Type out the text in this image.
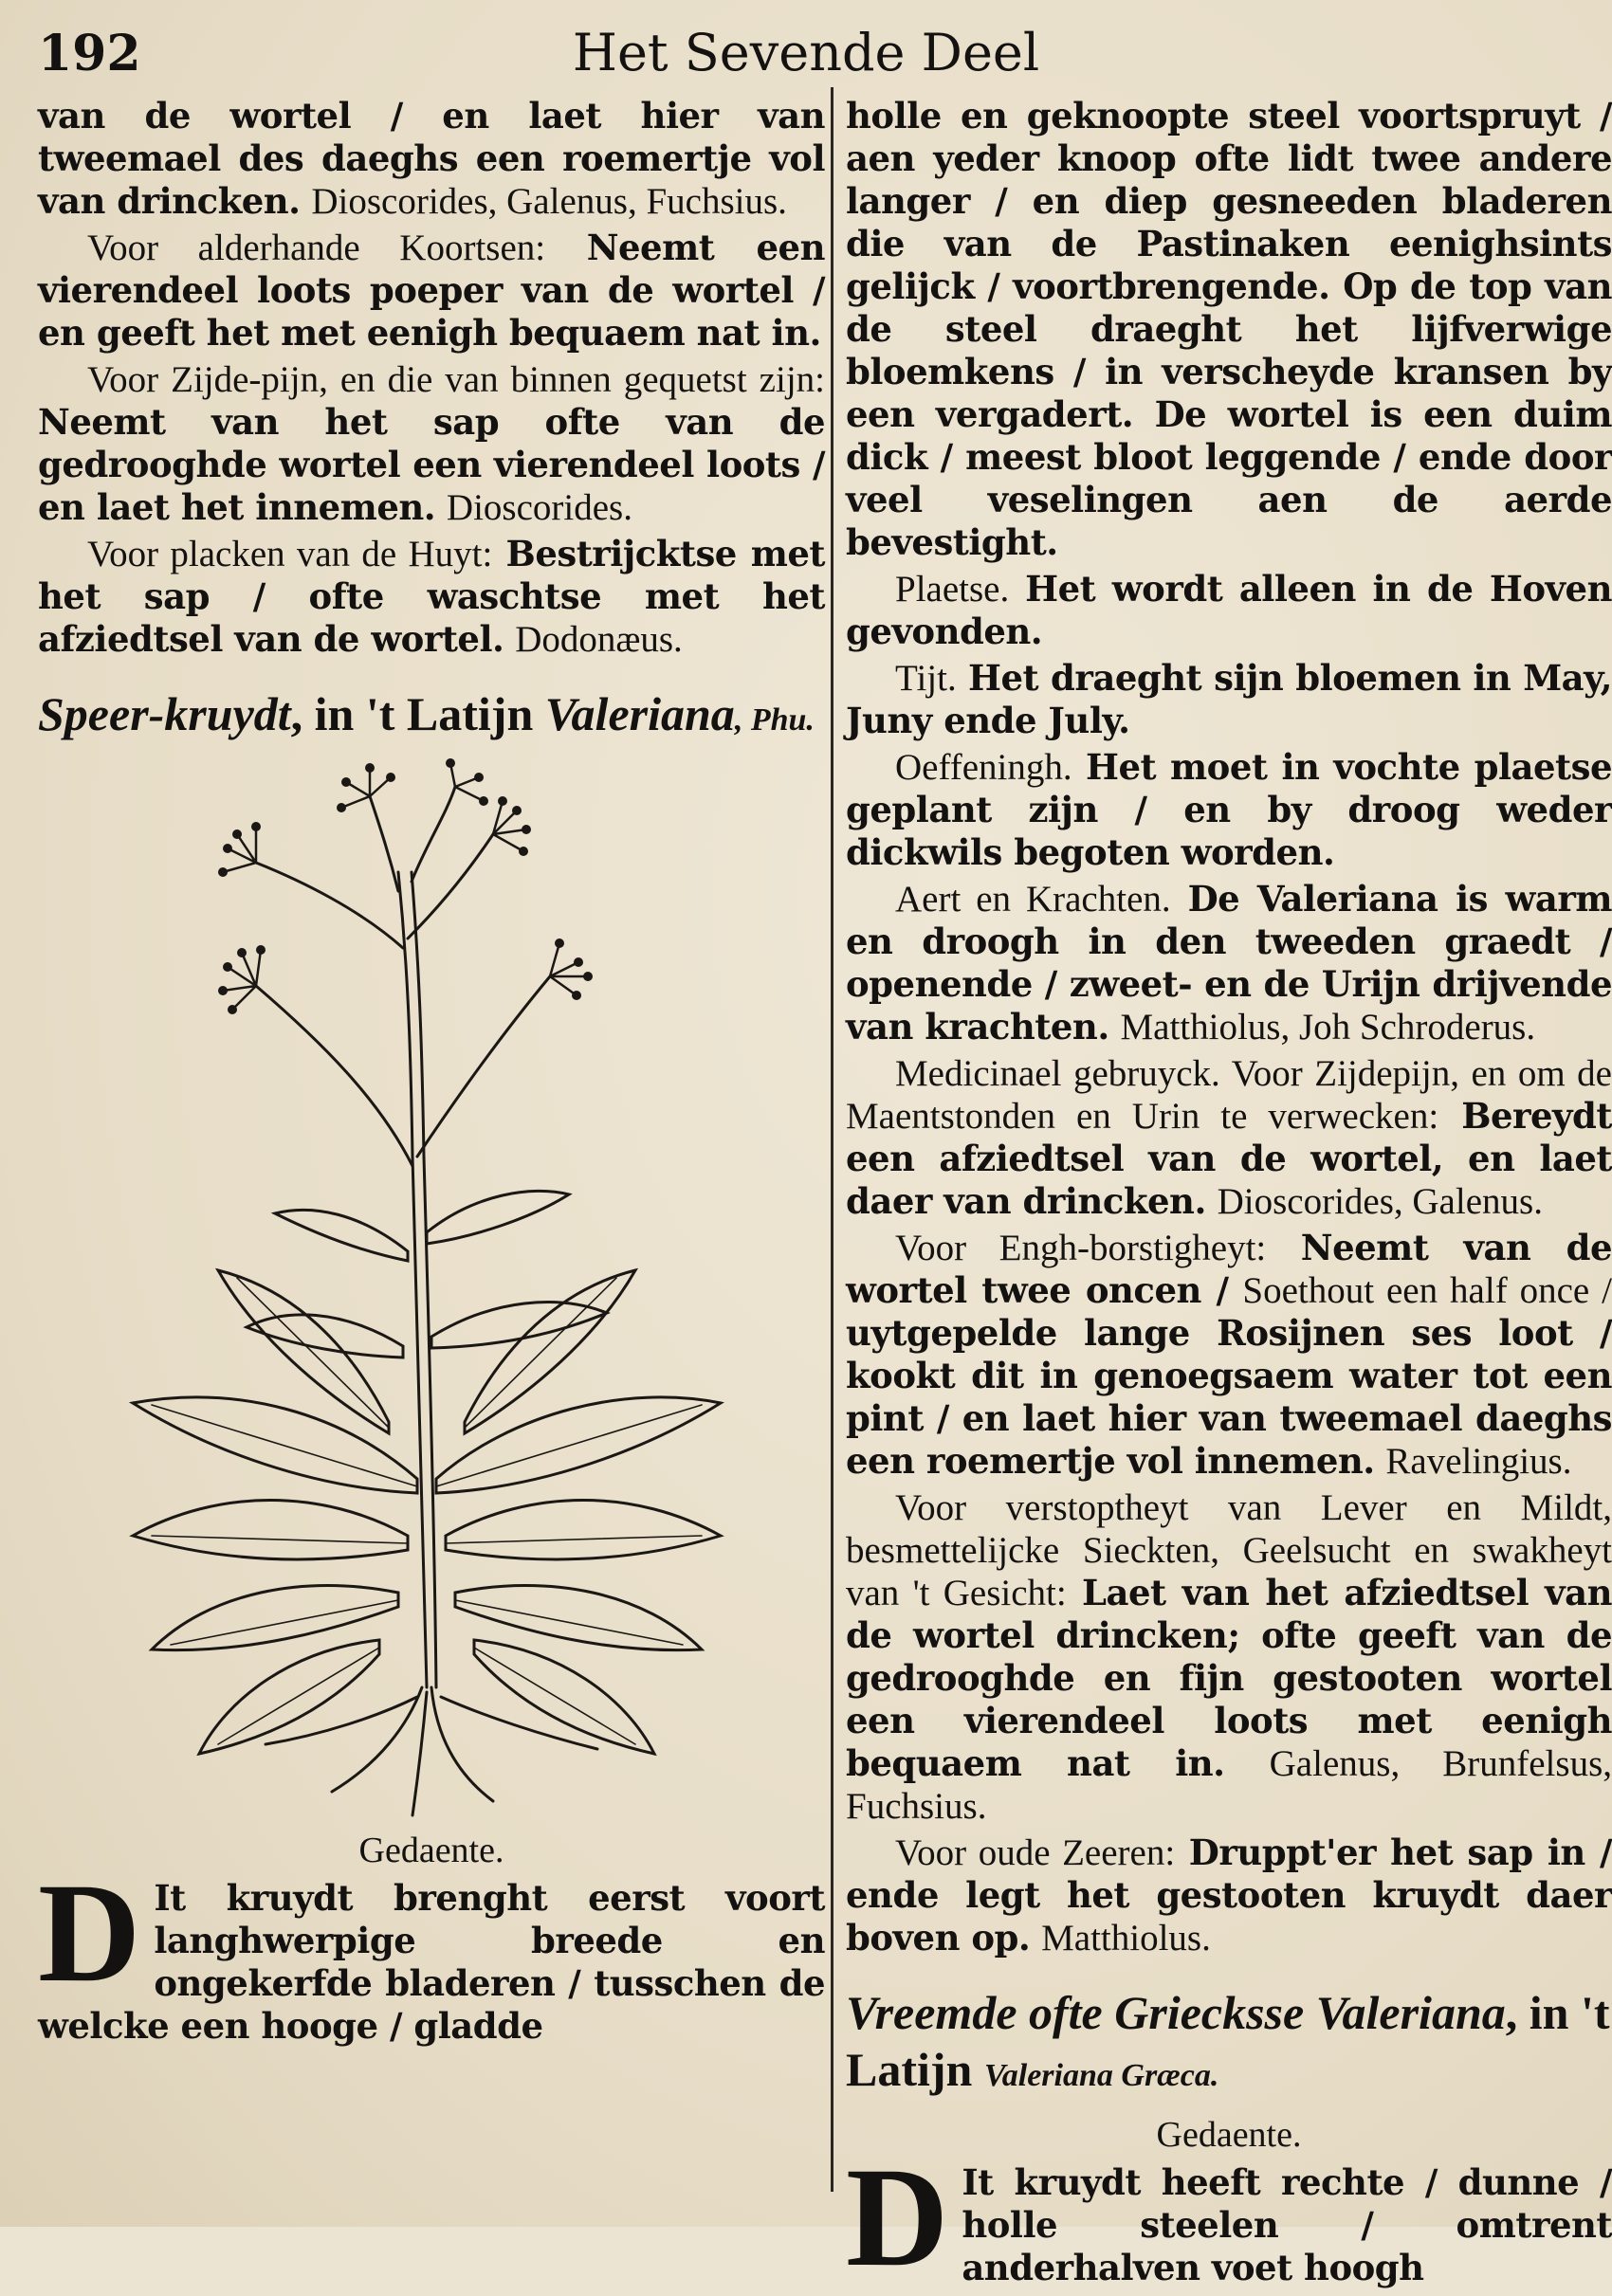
192	Het Sevende Deel

van de wortel / en laet hier van tweemael des daeghs een roemertje vol van drincken. Dioscorides, Galenus, Fuchsius.

Voor alderhande Koortsen: Neemt een vierendeel loots poeper van de wortel / en geeft het met eenigh bequaem nat in.

Voor Zijde-pijn, en die van binnen gequetst zijn: Neemt van het sap ofte van de gedrooghde wortel een vierendeel loots / en laet het innemen. Dioscorides.

Voor placken van de Huyt: Bestrijcktse met het sap / ofte waschtse met het afziedtsel van de wortel. Dodonæus.

Speer-kruydt, in 't Latijn Valeriana, Phu.
Gedaente.

D It kruydt brenght eerst voort langhwerpige breede en ongekerfde bladeren / tusschen de welcke een hooge / gladde

holle en geknoopte steel voortspruyt / aen yeder knoop ofte lidt twee andere langer / en diep gesneeden bladeren die van de Pastinaken eenighsints gelijck / voortbrengende. Op de top van de steel draeght het lijfverwige bloemkens / in verscheyde kransen by een vergadert. De wortel is een duim dick / meest bloot leggende / ende door veel veselingen aen de aerde bevestight.

Plaetse. Het wordt alleen in de Hoven gevonden.

Tijt. Het draeght sijn bloemen in May, Juny ende July.

Oeffeningh. Het moet in vochte plaetse geplant zijn / en by droog weder dickwils begoten worden.

Aert en Krachten. De Valeriana is warm en droogh in den tweeden graedt / openende / zweet- en de Urijn drijvende van krachten. Matthiolus, Joh Schroderus.

Medicinael gebruyck. Voor Zijdepijn, en om de Maentstonden en Urin te verwecken: Bereydt een afziedtsel van de wortel, en laet daer van drincken. Dioscorides, Galenus.

Voor Engh-borstigheyt: Neemt van de wortel twee oncen / Soethout een half once / uytgepelde lange Rosijnen ses loot / kookt dit in genoegsaem water tot een pint / en laet hier van tweemael daeghs een roemertje vol innemen. Ravelingius.

Voor verstoptheyt van Lever en Mildt, besmettelijcke Sieckten, Geelsucht en swakheyt van 't Gesicht: Laet van het afziedtsel van de wortel drincken; ofte geeft van de gedrooghde en fijn gestooten wortel een vierendeel loots met eenigh bequaem nat in. Galenus, Brunfelsus, Fuchsius.

Voor oude Zeeren: Druppt'er het sap in / ende legt het gestooten kruydt daer boven op. Matthiolus.

Vreemde ofte Griecksse Valeriana, in 't Latijn Valeriana Græca.
Gedaente.

D It kruydt heeft rechte / dunne / holle steelen / omtrent anderhalven voet hoogh
